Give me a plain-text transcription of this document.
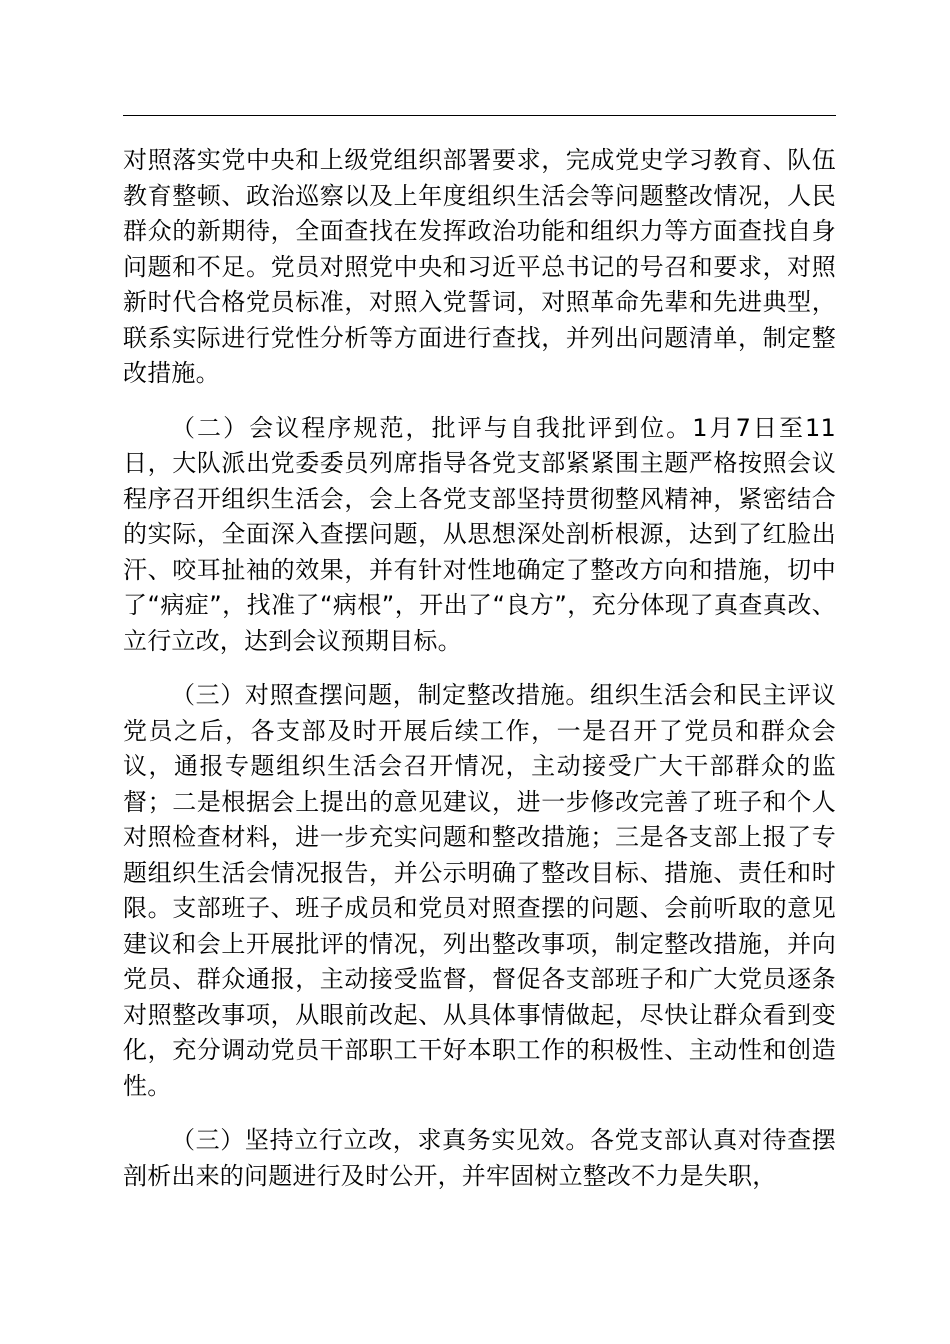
对照落实党中央和上级党组织部署要求，完成党史学习教育、队伍教育整顿、政治巡察以及上年度组织生活会等问题整改情况，人民群众的新期待，全面查找在发挥政治功能和组织力等方面查找自身问题和不足。党员对照党中央和习近平总书记的号召和要求，对照新时代合格党员标准，对照入党誓词，对照革命先辈和先进典型，联系实际进行党性分析等方面进行查找，并列出问题清单，制定整改措施。

（二）会议程序规范，批评与自我批评到位。1月7日至11日，大队派出党委委员列席指导各党支部紧紧围主题严格按照会议程序召开组织生活会，会上各党支部坚持贯彻整风精神，紧密结合的实际，全面深入查摆问题，从思想深处剖析根源，达到了红脸出汗、咬耳扯袖的效果，并有针对性地确定了整改方向和措施，切中了“病症”，找准了“病根”，开出了“良方”，充分体现了真查真改、立行立改，达到会议预期目标。

（三）对照查摆问题，制定整改措施。组织生活会和民主评议党员之后，各支部及时开展后续工作，一是召开了党员和群众会议，通报专题组织生活会召开情况，主动接受广大干部群众的监督；二是根据会上提出的意见建议，进一步修改完善了班子和个人对照检查材料，进一步充实问题和整改措施；三是各支部上报了专题组织生活会情况报告，并公示明确了整改目标、措施、责任和时限。支部班子、班子成员和党员对照查摆的问题、会前听取的意见建议和会上开展批评的情况，列出整改事项，制定整改措施，并向党员、群众通报，主动接受监督，督促各支部班子和广大党员逐条对照整改事项，从眼前改起、从具体事情做起，尽快让群众看到变化，充分调动党员干部职工干好本职工作的积极性、主动性和创造性。

（三）坚持立行立改，求真务实见效。各党支部认真对待查摆剖析出来的问题进行及时公开，并牢固树立整改不力是失职，
